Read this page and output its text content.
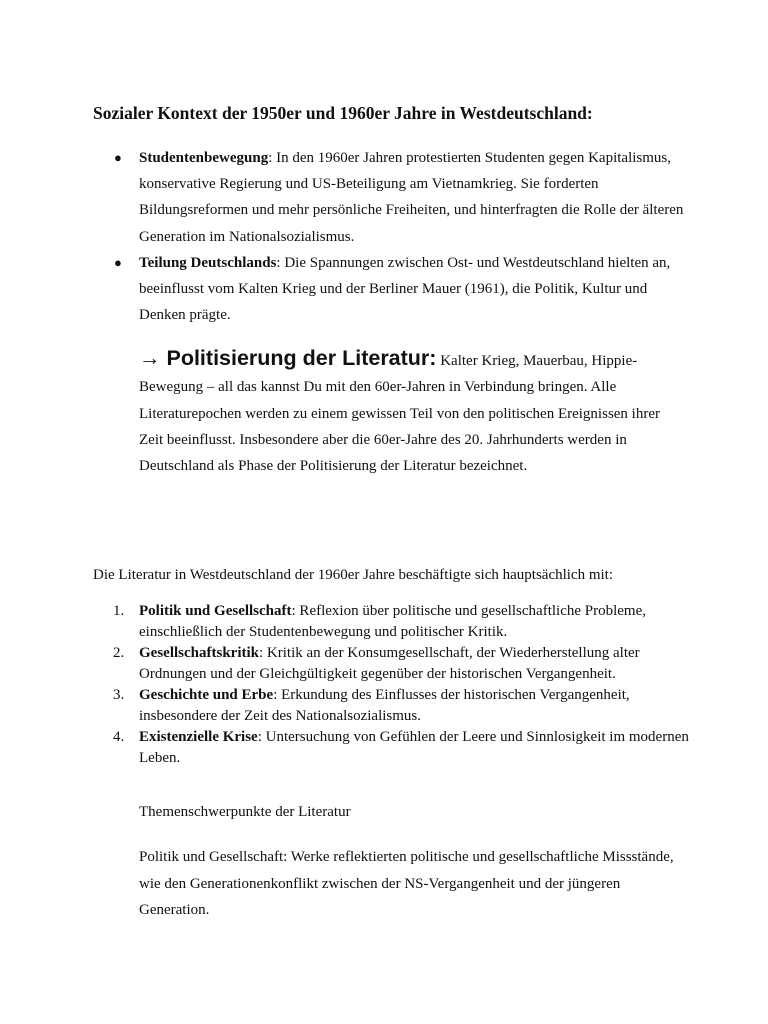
Sozialer Kontext der 1950er und 1960er Jahre in Westdeutschland:
● Studentenbewegung: In den 1960er Jahren protestierten Studenten gegen Kapitalismus, konservative Regierung und US-Beteiligung am Vietnamkrieg. Sie forderten Bildungsreformen und mehr persönliche Freiheiten, und hinterfragten die Rolle der älteren Generation im Nationalsozialismus.
● Teilung Deutschlands: Die Spannungen zwischen Ost- und Westdeutschland hielten an, beeinflusst vom Kalten Krieg und der Berliner Mauer (1961), die Politik, Kultur und Denken prägte.

→ Politisierung der Literatur: Kalter Krieg, Mauerbau, Hippie-Bewegung – all das kannst Du mit den 60er-Jahren in Verbindung bringen. Alle Literaturepochen werden zu einem gewissen Teil von den politischen Ereignissen ihrer Zeit beeinflusst. Insbesondere aber die 60er-Jahre des 20. Jahrhunderts werden in Deutschland als Phase der Politisierung der Literatur bezeichnet.

Die Literatur in Westdeutschland der 1960er Jahre beschäftigte sich hauptsächlich mit:

1. Politik und Gesellschaft: Reflexion über politische und gesellschaftliche Probleme, einschließlich der Studentenbewegung und politischer Kritik.
2. Gesellschaftskritik: Kritik an der Konsumgesellschaft, der Wiederherstellung alter Ordnungen und der Gleichgültigkeit gegenüber der historischen Vergangenheit.
3. Geschichte und Erbe: Erkundung des Einflusses der historischen Vergangenheit, insbesondere der Zeit des Nationalsozialismus.
4. Existenzielle Krise: Untersuchung von Gefühlen der Leere und Sinnlosigkeit im modernen Leben.

Themenschwerpunkte der Literatur

Politik und Gesellschaft: Werke reflektierten politische und gesellschaftliche Missstände, wie den Generationenkonflikt zwischen der NS-Vergangenheit und der jüngeren Generation.
